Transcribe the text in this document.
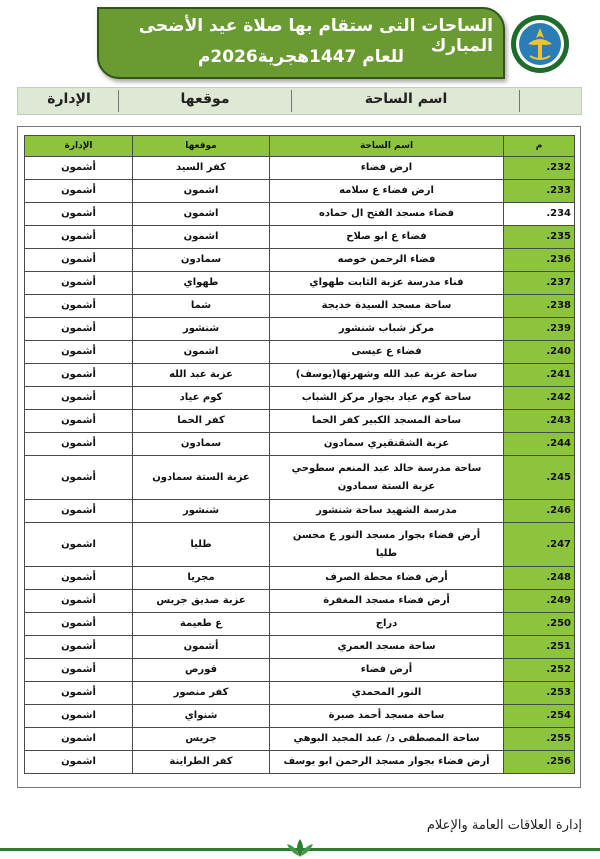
الساحات التى ستقام بها صلاة عيد الأضحى المبارك
للعام 1447هجرية2026م
الإدارة	موقعها	اسم الساحة
م	اسم الساحة	موقعها	الإدارة
232.	ارض فضاء	كفر السيد	أشمون
233.	ارض فضاء ع سلامه	اشمون	أشمون
234.	فضاء مسجد الفتح ال حماده	اشمون	أشمون
235.	فضاء ع ابو صلاح	اشمون	أشمون
236.	فضاء الرحمن خوصه	سمادون	أشمون
237.	فناء مدرسة عزبة الثابت طهواي	طهواي	أشمون
238.	ساحة مسجد السيدة خديجة	شما	أشمون
239.	مركز شباب شنشور	شنشور	أشمون
240.	فضاء ع عيسى	اشمون	أشمون
241.	ساحة عزبة عبد الله وشهرتها(يوسف)	عزبة عبد الله	أشمون
242.	ساحة كوم عياد بجوار مركز الشباب	كوم عياد	أشمون
243.	ساحة المسجد الكبير كفر الحما	كفر الحما	أشمون
244.	عزبة الشقنقيري سمادون	سمادون	أشمون
245.	ساحة مدرسة خالد عبد المنعم سطوحي
عزبة الستة سمادون	عزبة الستة سمادون	أشمون
246.	مدرسة الشهيد ساحة شنشور	شنشور	أشمون
247.	أرض فضاء بجوار مسجد النور ع محسن
طليا	طليا	اشمون
248.	أرض فضاء محطة الصرف	مجريا	أشمون
249.	أرض فضاء مسجد المغفرة	عزبة صديق جريس	أشمون
250.	دراج	ع طعيمة	أشمون
251.	ساحة مسجد العمري	أشمون	أشمون
252.	أرض فضاء	قورص	أشمون
253.	النور المحمدي	كفر منصور	أشمون
254.	ساحة مسجد أحمد صبرة	شنواي	اشمون
255.	ساحة المصطفى د/ عبد المجيد البوهي	جريس	اشمون
256.	أرض فضاء بجوار مسجد الرحمن ابو يوسف	كفر الطراينة	اشمون
إدارة العلاقات العامة والإعلام
